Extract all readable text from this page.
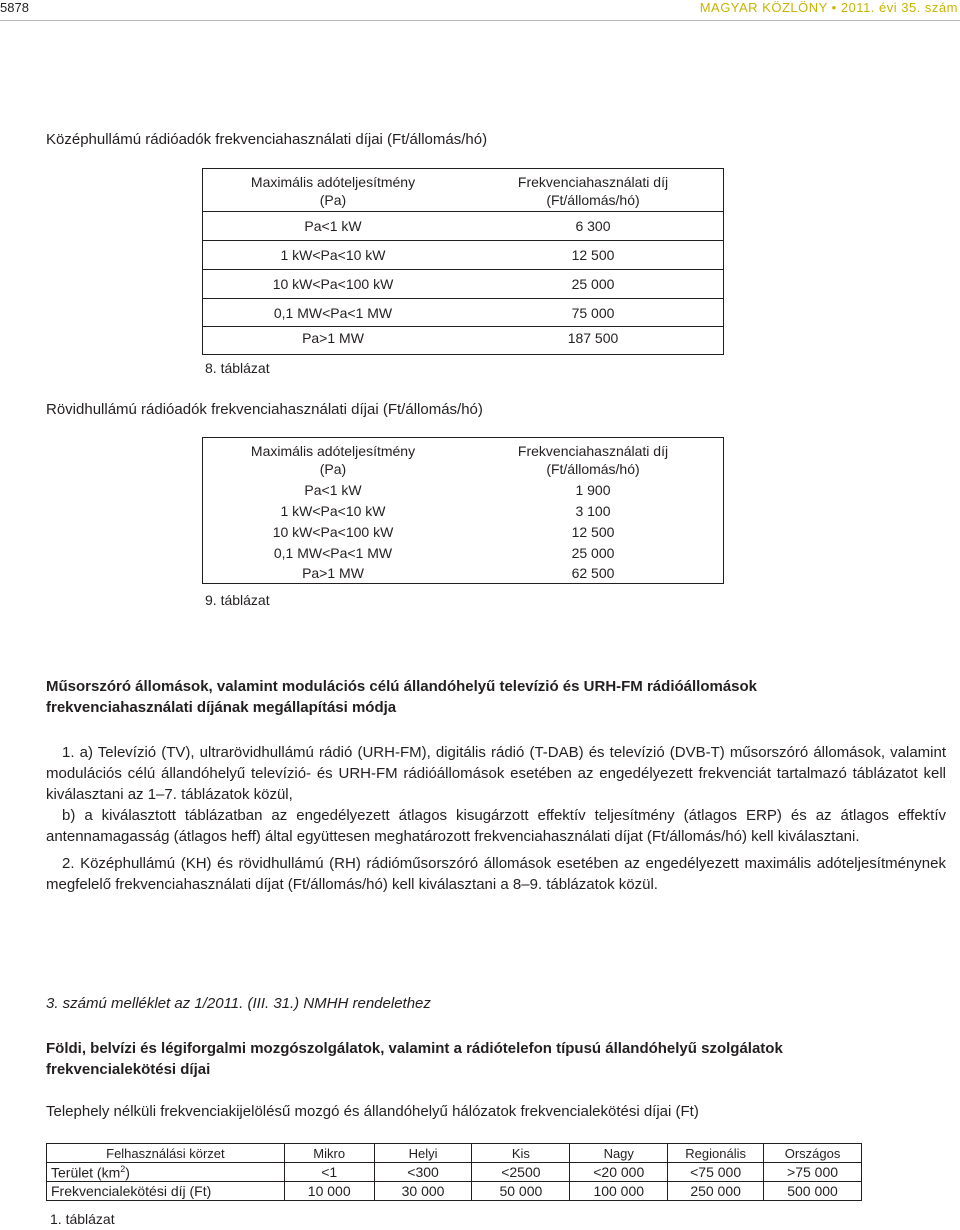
5878	MAGYAR KÖZLÖNY • 2011. évi 35. szám
Középhullámú rádióadók frekvenciahasználati díjai (Ft/állomás/hó)
Maximális adóteljesítmény
(Pa)
Frekvenciahasználati díj
(Ft/állomás/hó)
Pa<1 kW	6 300
1 kW<Pa<10 kW	12 500
10 kW<Pa<100 kW	25 000
0,1 MW<Pa<1 MW	75 000
Pa>1 MW	187 500
8. táblázat
Rövidhullámú rádióadók frekvenciahasználati díjai (Ft/állomás/hó)
Maximális adóteljesítmény
(Pa)
Frekvenciahasználati díj
(Ft/állomás/hó)
Pa<1 kW	1 900
1 kW<Pa<10 kW	3 100
10 kW<Pa<100 kW	12 500
0,1 MW<Pa<1 MW	25 000
Pa>1 MW	62 500
9. táblázat
Műsorszóró állomások, valamint modulációs célú állandóhelyű televízió és URH-FM rádióállomások
frekvenciahasználati díjának megállapítási módja
1. a) Televízió (TV), ultrarövidhullámú rádió (URH-FM), digitális rádió (T-DAB) és televízió (DVB-T) műsorszóró állomások, valamint modulációs célú állandóhelyű televízió- és URH-FM rádióállomások esetében az engedélyezett frekvenciát tartalmazó táblázatot kell kiválasztani az 1–7. táblázatok közül,
b) a kiválasztott táblázatban az engedélyezett átlagos kisugárzott effektív teljesítmény (átlagos ERP) és az átlagos effektív antennamagasság (átlagos heff) által együttesen meghatározott frekvenciahasználati díjat (Ft/állomás/hó) kell kiválasztani.
2. Középhullámú (KH) és rövidhullámú (RH) rádióműsorszóró állomások esetében az engedélyezett maximális adóteljesítménynek megfelelő frekvenciahasználati díjat (Ft/állomás/hó) kell kiválasztani a 8–9. táblázatok közül.
3. számú melléklet az 1/2011. (III. 31.) NMHH rendelethez
Földi, belvízi és légiforgalmi mozgószolgálatok, valamint a rádiótelefon típusú állandóhelyű szolgálatok
frekvencialekötési díjai
Telephely nélküli frekvenciakijelölésű mozgó és állandóhelyű hálózatok frekvencialekötési díjai (Ft)
Felhasználási körzet	Mikro	Helyi	Kis	Nagy	Regionális	Országos
Terület $(km^2)$	<1	<300	<2500	<20 000	<75 000	>75 000
Frekvencialekötési díj (Ft)	10 000	30 000	50 000	100 000	250 000	500 000
1. táblázat
